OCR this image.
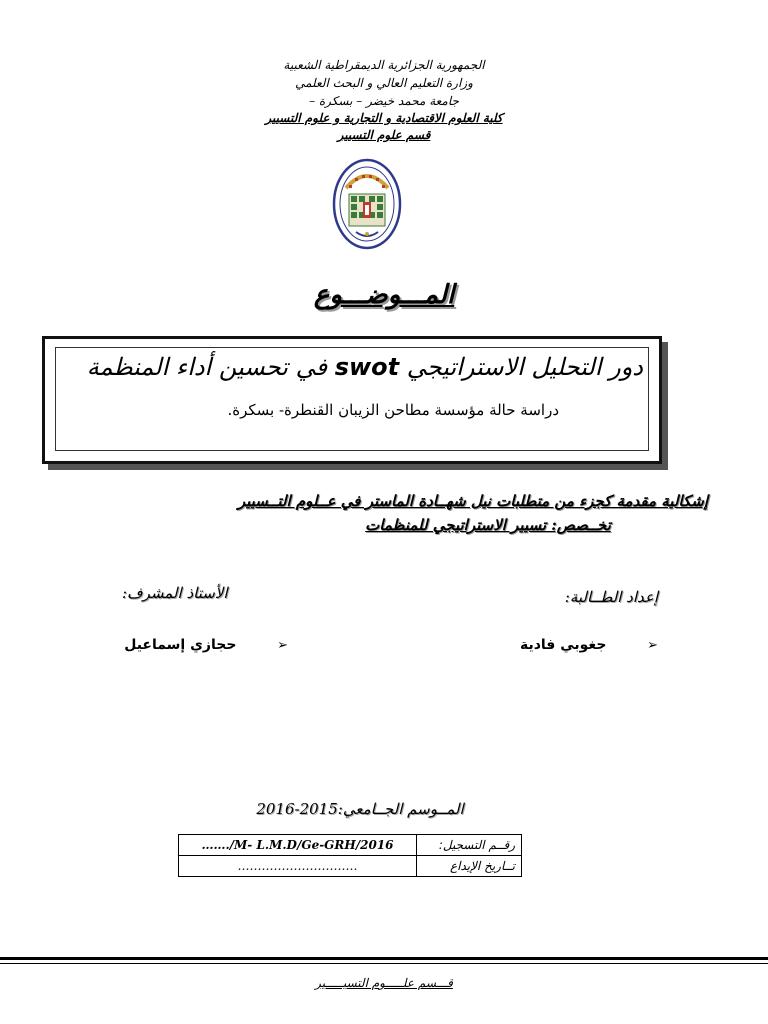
الجمهورية الجزائرية الديمقراطية الشعبية
وزارة التعليم العالي و البحث العلمي
جامعة محمد خيضر – بسكرة –
كلية العلوم الاقتصادية و التجارية و علوم التسيير
قسم علوم التسيير
المـــوضـــوع
دور التحليل الاستراتيجي swot في تحسين أداء المنظمة
دراسة حالة مؤسسة مطاحن الزيبان القنطرة- بسكرة.
إشكالية مقدمة كجزء من متطلبات نيل شهــادة الماستر في عــلوم التــسيير
تخــصص: تسيير الاستراتيجي للمنظمات
إعداد الطــالبة:
الأستاذ المشرف:
➢        جغوبي فادية
➢        حجازي إسماعيل
المــوسم الجــامعي:2015-2016
……./M- L.M.D/Ge-GRH/2016	رقــم التسجيل:
…………………………	تــاريخ الإيداع
قـــسم علـــــوم التسيـــــير
